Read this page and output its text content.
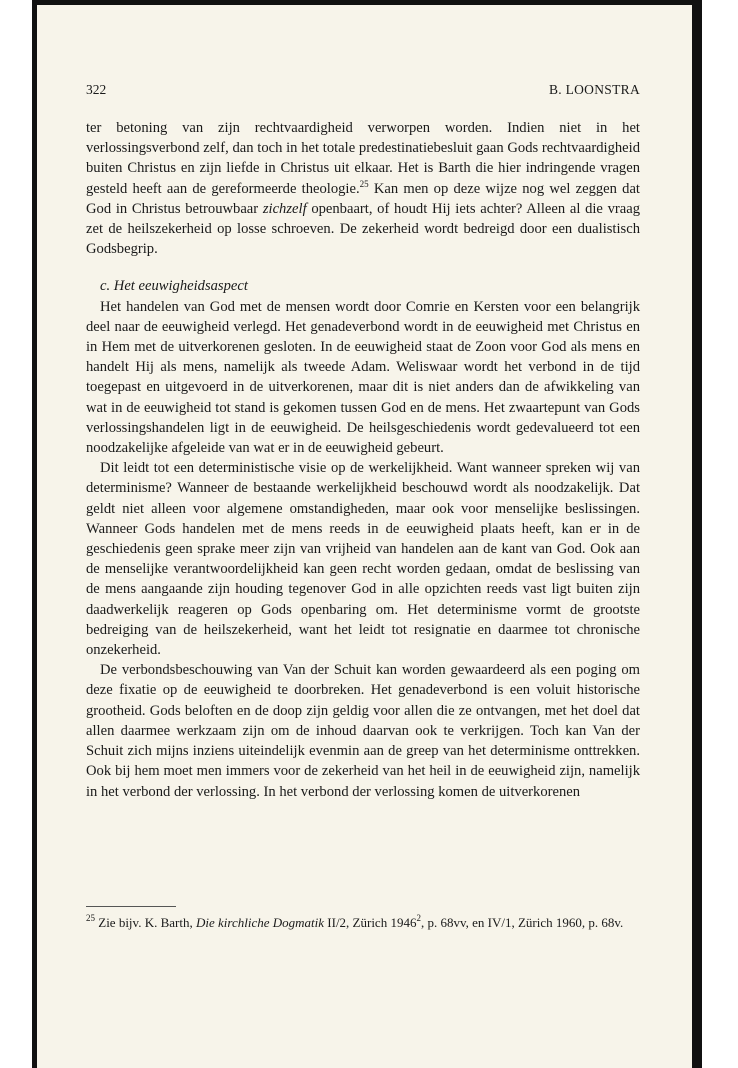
322	B. LOONSTRA

ter betoning van zijn rechtvaardigheid verworpen worden. Indien niet in het verlossingsverbond zelf, dan toch in het totale predestinatiebesluit gaan Gods rechtvaardigheid buiten Christus en zijn liefde in Christus uit elkaar. Het is Barth die hier indringende vragen gesteld heeft aan de gereformeerde theologie.$^{25}$ Kan men op deze wijze nog wel zeggen dat God in Christus betrouwbaar zichzelf openbaart, of houdt Hij iets achter? Alleen al die vraag zet de heilszekerheid op losse schroeven. De zekerheid wordt bedreigd door een dualistisch Godsbegrip.

c. Het eeuwigheidsaspect

Het handelen van God met de mensen wordt door Comrie en Kersten voor een belangrijk deel naar de eeuwigheid verlegd. Het genadeverbond wordt in de eeuwigheid met Christus en in Hem met de uitverkorenen gesloten. In de eeuwigheid staat de Zoon voor God als mens en handelt Hij als mens, namelijk als tweede Adam. Weliswaar wordt het verbond in de tijd toegepast en uitgevoerd in de uitverkorenen, maar dit is niet anders dan de afwikkeling van wat in de eeuwigheid tot stand is gekomen tussen God en de mens. Het zwaartepunt van Gods verlossingshandelen ligt in de eeuwigheid. De heilsgeschiedenis wordt gedevalueerd tot een noodzakelijke afgeleide van wat er in de eeuwigheid gebeurt.

Dit leidt tot een deterministische visie op de werkelijkheid. Want wanneer spreken wij van determinisme? Wanneer de bestaande werkelijkheid beschouwd wordt als noodzakelijk. Dat geldt niet alleen voor algemene omstandigheden, maar ook voor menselijke beslissingen. Wanneer Gods handelen met de mens reeds in de eeuwigheid plaats heeft, kan er in de geschiedenis geen sprake meer zijn van vrijheid van handelen aan de kant van God. Ook aan de menselijke verantwoordelijkheid kan geen recht worden gedaan, omdat de beslissing van de mens aangaande zijn houding tegenover God in alle opzichten reeds vast ligt buiten zijn daadwerkelijk reageren op Gods openbaring om. Het determinisme vormt de grootste bedreiging van de heilszekerheid, want het leidt tot resignatie en daarmee tot chronische onzekerheid.

De verbondsbeschouwing van Van der Schuit kan worden gewaardeerd als een poging om deze fixatie op de eeuwigheid te doorbreken. Het genadeverbond is een voluit historische grootheid. Gods beloften en de doop zijn geldig voor allen die ze ontvangen, met het doel dat allen daarmee werkzaam zijn om de inhoud daarvan ook te verkrijgen. Toch kan Van der Schuit zich mijns inziens uiteindelijk evenmin aan de greep van het determinisme onttrekken. Ook bij hem moet men immers voor de zekerheid van het heil in de eeuwigheid zijn, namelijk in het verbond der verlossing. In het verbond der verlossing komen de uitverkorenen

$^{25}$ Zie bijv. K. Barth, Die kirchliche Dogmatik II/2, Zürich 1946$^2$, p. 68vv, en IV/1, Zürich 1960, p. 68v.
